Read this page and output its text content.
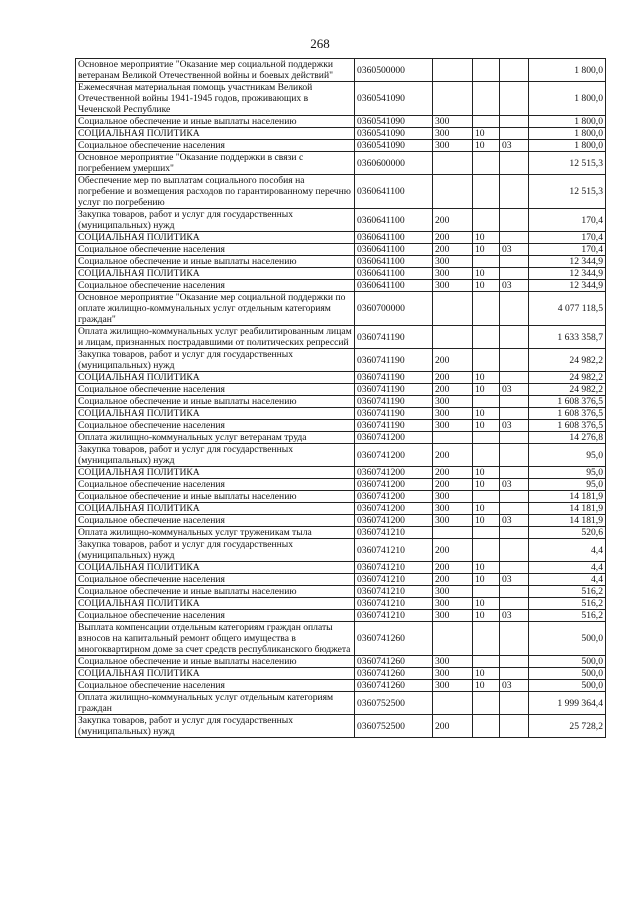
268
Основное мероприятие "Оказание мер социальной поддержки ветеранам Великой Отечественной войны и боевых действий"	0360500000				1 800,0
Ежемесячная материальная помощь участникам Великой Отечественной войны 1941-1945 годов, проживающих в Чеченской Республике	0360541090				1 800,0
Социальное обеспечение и иные выплаты населению	0360541090	300			1 800,0
СОЦИАЛЬНАЯ ПОЛИТИКА	0360541090	300	10		1 800,0
Социальное обеспечение населения	0360541090	300	10	03	1 800,0
Основное мероприятие "Оказание поддержки в связи с погребением умерших"	0360600000				12 515,3
Обеспечение мер по выплатам социального пособия на погребение и возмещения расходов по гарантированному перечню услуг по погребению	0360641100				12 515,3
Закупка товаров, работ и услуг для государственных (муниципальных) нужд	0360641100	200			170,4
СОЦИАЛЬНАЯ ПОЛИТИКА	0360641100	200	10		170,4
Социальное обеспечение населения	0360641100	200	10	03	170,4
Социальное обеспечение и иные выплаты населению	0360641100	300			12 344,9
СОЦИАЛЬНАЯ ПОЛИТИКА	0360641100	300	10		12 344,9
Социальное обеспечение населения	0360641100	300	10	03	12 344,9
Основное мероприятие "Оказание мер социальной поддержки по оплате жилищно-коммунальных услуг отдельным категориям граждан"	0360700000				4 077 118,5
Оплата жилищно-коммунальных услуг реабилитированным лицам и лицам, признанных пострадавшими от политических репрессий	0360741190				1 633 358,7
Закупка товаров, работ и услуг для государственных (муниципальных) нужд	0360741190	200			24 982,2
СОЦИАЛЬНАЯ ПОЛИТИКА	0360741190	200	10		24 982,2
Социальное обеспечение населения	0360741190	200	10	03	24 982,2
Социальное обеспечение и иные выплаты населению	0360741190	300			1 608 376,5
СОЦИАЛЬНАЯ ПОЛИТИКА	0360741190	300	10		1 608 376,5
Социальное обеспечение населения	0360741190	300	10	03	1 608 376,5
Оплата жилищно-коммунальных услуг ветеранам труда	0360741200				14 276,8
Закупка товаров, работ и услуг для государственных (муниципальных) нужд	0360741200	200			95,0
СОЦИАЛЬНАЯ ПОЛИТИКА	0360741200	200	10		95,0
Социальное обеспечение населения	0360741200	200	10	03	95,0
Социальное обеспечение и иные выплаты населению	0360741200	300			14 181,9
СОЦИАЛЬНАЯ ПОЛИТИКА	0360741200	300	10		14 181,9
Социальное обеспечение населения	0360741200	300	10	03	14 181,9
Оплата жилищно-коммунальных услуг труженикам тыла	0360741210				520,6
Закупка товаров, работ и услуг для государственных (муниципальных) нужд	0360741210	200			4,4
СОЦИАЛЬНАЯ ПОЛИТИКА	0360741210	200	10		4,4
Социальное обеспечение населения	0360741210	200	10	03	4,4
Социальное обеспечение и иные выплаты населению	0360741210	300			516,2
СОЦИАЛЬНАЯ ПОЛИТИКА	0360741210	300	10		516,2
Социальное обеспечение населения	0360741210	300	10	03	516,2
Выплата компенсации отдельным категориям граждан оплаты взносов на капитальный ремонт общего имущества в многоквартирном доме за счет средств республиканского бюджета	0360741260				500,0
Социальное обеспечение и иные выплаты населению	0360741260	300			500,0
СОЦИАЛЬНАЯ ПОЛИТИКА	0360741260	300	10		500,0
Социальное обеспечение населения	0360741260	300	10	03	500,0
Оплата жилищно-коммунальных услуг отдельным категориям граждан	0360752500				1 999 364,4
Закупка товаров, работ и услуг для государственных (муниципальных) нужд	0360752500	200			25 728,2
